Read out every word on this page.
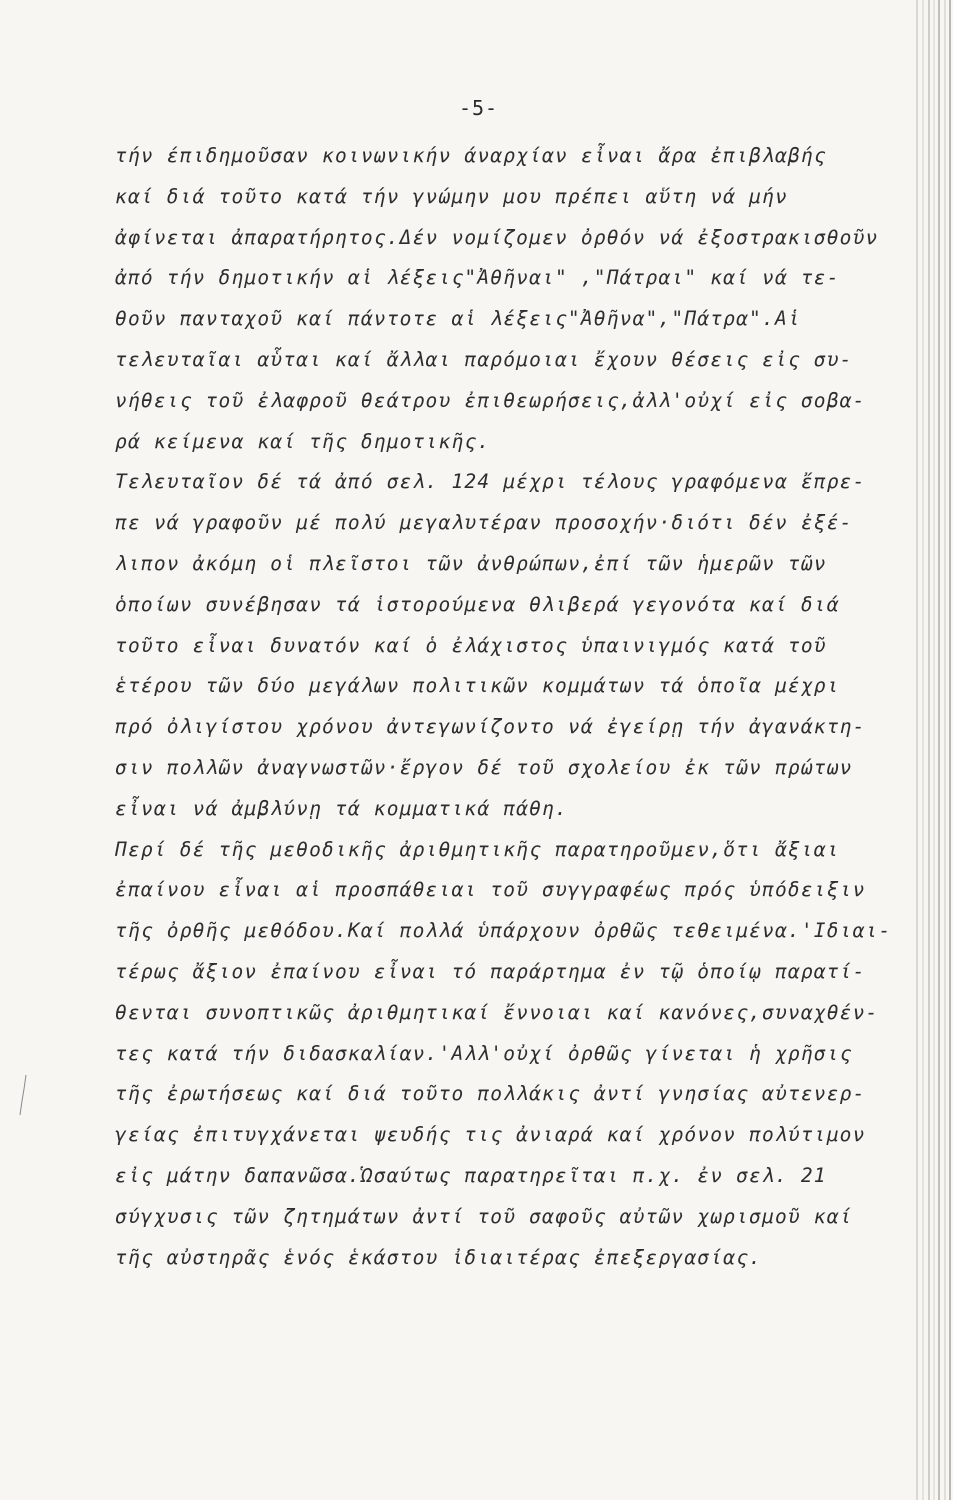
-5-
τήν έπιδημοῦσαν κοινωνικήν άναρχίαν εἶναι ἄρα ἐπιβλαβής
καί διά τοῦτο κατά τήν γνώμην μου πρέπει αὕτη νά μήν
ἀφίνεται ἀπαρατήρητος.Δέν νομίζομεν ὀρθόν νά ἐξοστρακισθοῦν
ἀπό τήν δημοτικήν αἱ λέξεις"Ἀθῆναι" ,"Πάτραι" καί νά τε-
θοῦν πανταχοῦ καί πάντοτε αἱ λέξεις"Ἀθῆνα","Πάτρα".Αἱ
τελευταῖαι αὗται καί ἄλλαι παρόμοιαι ἔχουν θέσεις εἰς συ-
νήθεις τοῦ ἐλαφροῦ θεάτρου ἐπιθεωρήσεις,ἀλλ'οὐχί εἰς σοβα-
ρά κείμενα καί τῆς δημοτικῆς.
Τελευταῖον δέ τά ἀπό σελ. 124 μέχρι τέλους γραφόμενα ἔπρε-
πε νά γραφοῦν μέ πολύ μεγαλυτέραν προσοχήν·διότι δέν ἐξέ-
λιπον ἀκόμη οἱ πλεῖστοι τῶν ἀνθρώπων,ἐπί τῶν ἡμερῶν τῶν
ὁποίων συνέβησαν τά ἱστορούμενα θλιβερά γεγονότα καί διά
τοῦτο εἶναι δυνατόν καί ὁ ἐλάχιστος ὑπαινιγμός κατά τοῦ
ἑτέρου τῶν δύο μεγάλων πολιτικῶν κομμάτων τά ὁποῖα μέχρι
πρό ὀλιγίστου χρόνου ἀντεγωνίζοντο νά ἐγείρῃ τήν ἀγανάκτη-
σιν πολλῶν ἀναγνωστῶν·ἔργον δέ τοῦ σχολείου ἐκ τῶν πρώτων
εἶναι νά ἀμβλύνῃ τά κομματικά πάθη.
Περί δέ τῆς μεθοδικῆς ἀριθμητικῆς παρατηροῦμεν,ὅτι ἄξιαι
ἐπαίνου εἶναι αἱ προσπάθειαι τοῦ συγγραφέως πρός ὑπόδειξιν
τῆς ὀρθῆς μεθόδου.Καί πολλά ὑπάρχουν ὀρθῶς τεθειμένα.'Ιδιαι-
τέρως ἄξιον ἐπαίνου εἶναι τό παράρτημα ἐν τῷ ὁποίῳ παρατί-
θενται συνοπτικῶς ἀριθμητικαί ἔννοιαι καί κανόνες,συναχθέν-
τες κατά τήν διδασκαλίαν.'Αλλ'οὐχί ὀρθῶς γίνεται ἡ χρῆσις
τῆς ἐρωτήσεως καί διά τοῦτο πολλάκις ἀντί γνησίας αὐτενερ-
γείας ἐπιτυγχάνεται ψευδής τις ἀνιαρά καί χρόνον πολύτιμον
εἰς μάτην δαπανῶσα.Ὡσαύτως παρατηρεῖται π.χ. ἐν σελ. 21
σύγχυσις τῶν ζητημάτων ἀντί τοῦ σαφοῦς αὐτῶν χωρισμοῦ καί
τῆς αὐστηρᾶς ἑνός ἑκάστου ἰδιαιτέρας ἐπεξεργασίας.
